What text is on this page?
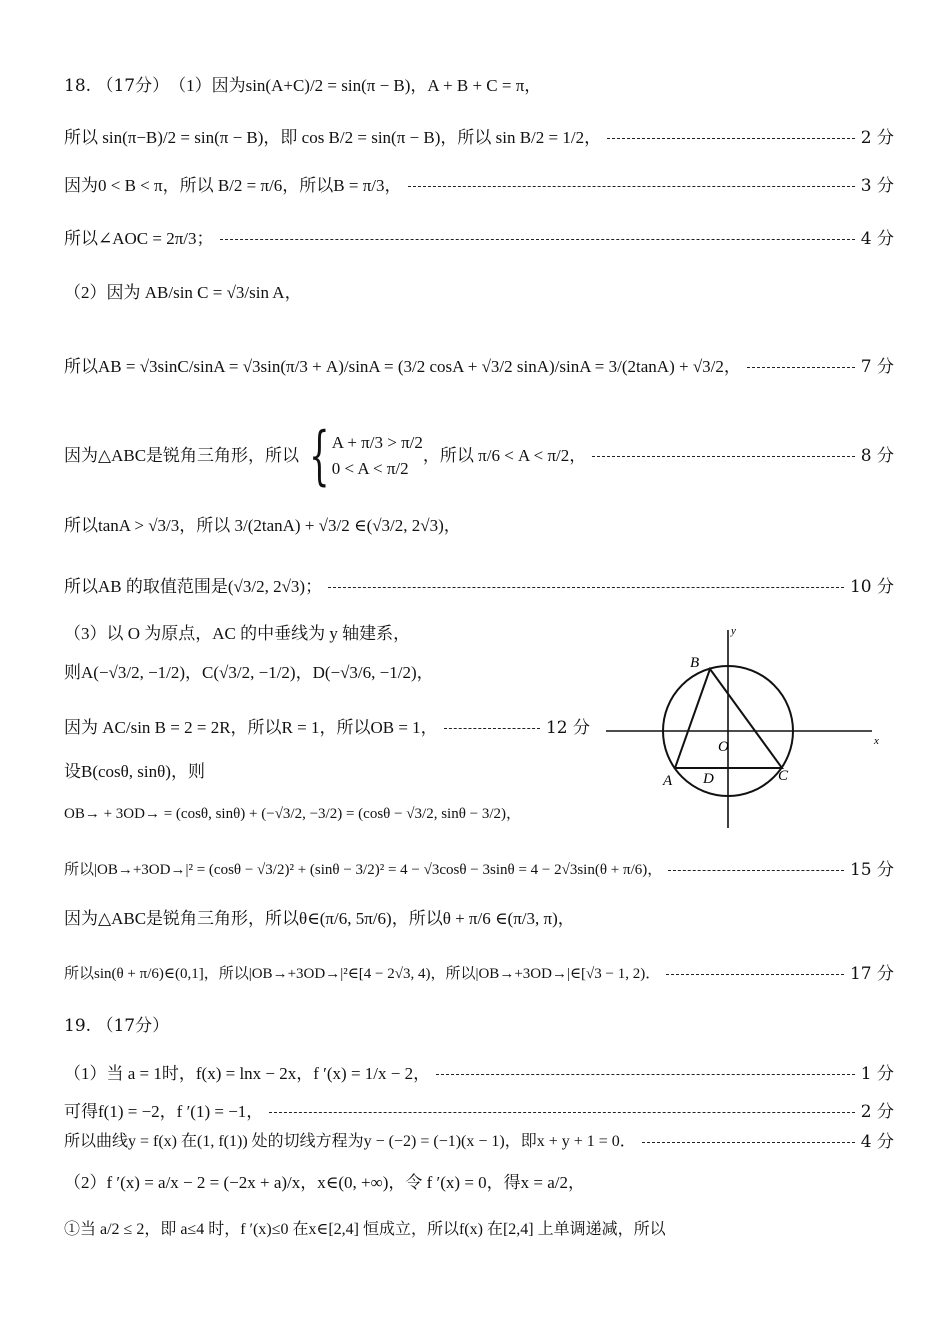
18. （17分） （1）因为sin(A+C)/2 = sin(π − B)，A + B + C = π，
所以 sin(π−B)/2 = sin(π − B)，即 cos B/2 = sin(π − B)，所以 sin B/2 = 1/2，	2 分
因为0 < B < π，所以 B/2 = π/6，所以B = π/3，	3 分
所以∠AOC = 2π/3；	4 分
（2）因为 AB/sin C = √3/sin A，
所以AB = √3sinC/sinA = √3sin(π/3 + A)/sinA = (3/2 cosA + √3/2 sinA)/sinA = 3/(2tanA) + √3/2，	7 分
因为△ABC是锐角三角形，所以 { A + π/3 > π/2
0 < A < π/2
，所以 π/6 < A < π/2，	8 分
所以tanA > √3/3，所以 3/(2tanA) + √3/2 ∈(√3/2, 2√3)，
所以AB 的取值范围是(√3/2, 2√3)；	10 分
（3）以 O 为原点，AC 的中垂线为 y 轴建系，
则A(−√3/2, −1/2)，C(√3/2, −1/2)，D(−√3/6, −1/2)，
因为 AC/sin B = 2 = 2R，所以R = 1，所以OB = 1，	12 分
设B(cosθ, sinθ)，则
OB→ + 3OD→ = (cosθ, sinθ) + (−√3/2, −3/2) = (cosθ − √3/2, sinθ − 3/2)，
所以|OB→+3OD→|² = (cosθ − √3/2)² + (sinθ − 3/2)² = 4 − √3cosθ − 3sinθ = 4 − 2√3sin(θ + π/6)，	15 分
因为△ABC是锐角三角形，所以θ∈(π/6, 5π/6)，所以θ + π/6 ∈(π/3, π)，
所以sin(θ + π/6)∈(0,1]，所以|OB→+3OD→|²∈[4 − 2√3, 4)，所以|OB→+3OD→|∈[√3 − 1, 2)．	17 分
19. （17分）
（1）当 a = 1时，f(x) = lnx − 2x，f ′(x) = 1/x − 2，	1 分
可得f(1) = −2，f ′(1) = −1，	2 分
所以曲线y = f(x) 在(1, f(1)) 处的切线方程为y − (−2) = (−1)(x − 1)，即x + y + 1 = 0．	4 分
（2）f ′(x) = a/x − 2 = (−2x + a)/x，x∈(0, +∞)，令 f ′(x) = 0，得x = a/2，
①当 a/2 ≤ 2，即 a≤4 时，f ′(x)≤0 在x∈[2,4] 恒成立，所以f(x) 在[2,4] 上单调递减，所以
x
y
O
B
A	C
D
